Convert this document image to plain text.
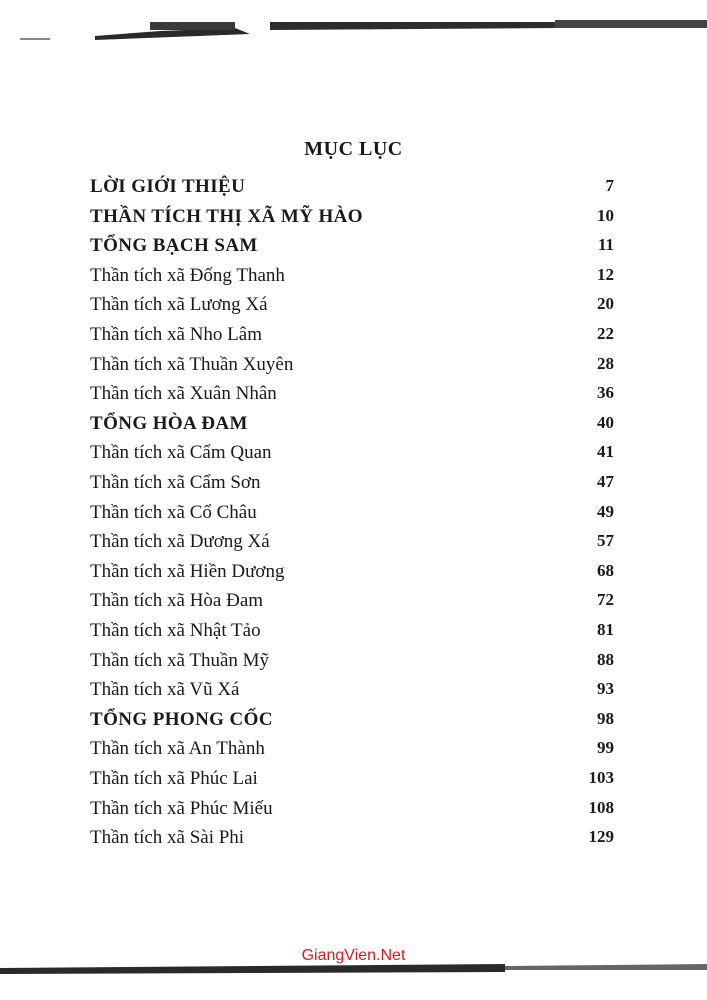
MỤC LỤC
LỜI GIỚI THIỆU	7
THẦN TÍCH THỊ XÃ MỸ HÀO	10
TỔNG BẠCH SAM	11
Thần tích xã Đống Thanh	12
Thần tích xã Lương Xá	20
Thần tích xã Nho Lâm	22
Thần tích xã Thuần Xuyên	28
Thần tích xã Xuân Nhân	36
TỔNG HÒA ĐAM	40
Thần tích xã Cẩm Quan	41
Thần tích xã Cẩm Sơn	47
Thần tích xã Cổ Châu	49
Thần tích xã Dương Xá	57
Thần tích xã Hiền Dương	68
Thần tích xã Hòa Đam	72
Thần tích xã Nhật Tảo	81
Thần tích xã Thuần Mỹ	88
Thần tích xã Vũ Xá	93
TỔNG PHONG CỐC	98
Thần tích xã An Thành	99
Thần tích xã Phúc Lai	103
Thần tích xã Phúc Miếu	108
Thần tích xã Sài Phi	129
GiangVien.Net
